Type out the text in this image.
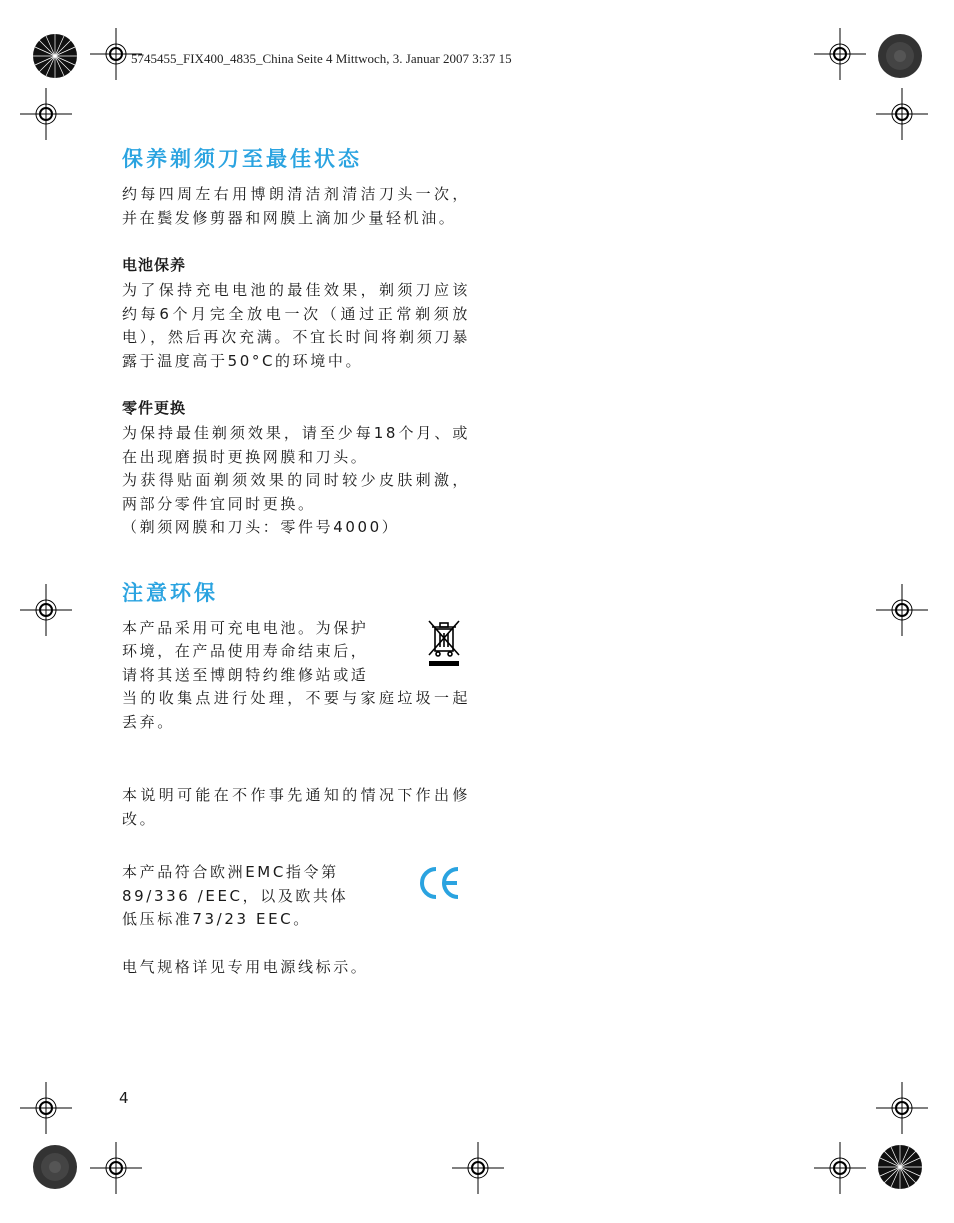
5745455_FIX400_4835_China Seite 4 Mittwoch, 3. Januar 2007 3:37 15
保养剃须刀至最佳状态

约每四周左右用博朗清洁剂清洁刀头一次，并在鬓发修剪器和网膜上滴加少量轻机油。

电池保养

为了保持充电电池的最佳效果，剃须刀应该约每6个月完全放电一次（通过正常剃须放电），然后再次充满。不宜长时间将剃须刀暴露于温度高于50°C的环境中。

零件更换

为保持最佳剃须效果，请至少每18个月、或在出现磨损时更换网膜和刀头。

为获得贴面剃须效果的同时较少皮肤刺激，两部分零件宜同时更换。

（剃须网膜和刀头：零件号4000）

注意环保

本产品采用可充电电池。为保护

环境，在产品使用寿命结束后，

请将其送至博朗特约维修站或适

当的收集点进行处理，不要与家庭垃圾一起丢弃。

本说明可能在不作事先通知的情况下作出修改。

本产品符合欧洲EMC指令第

89/336 /EEC，以及欧共体

低压标准73/23 EEC。

电气规格详见专用电源线标示。

4
